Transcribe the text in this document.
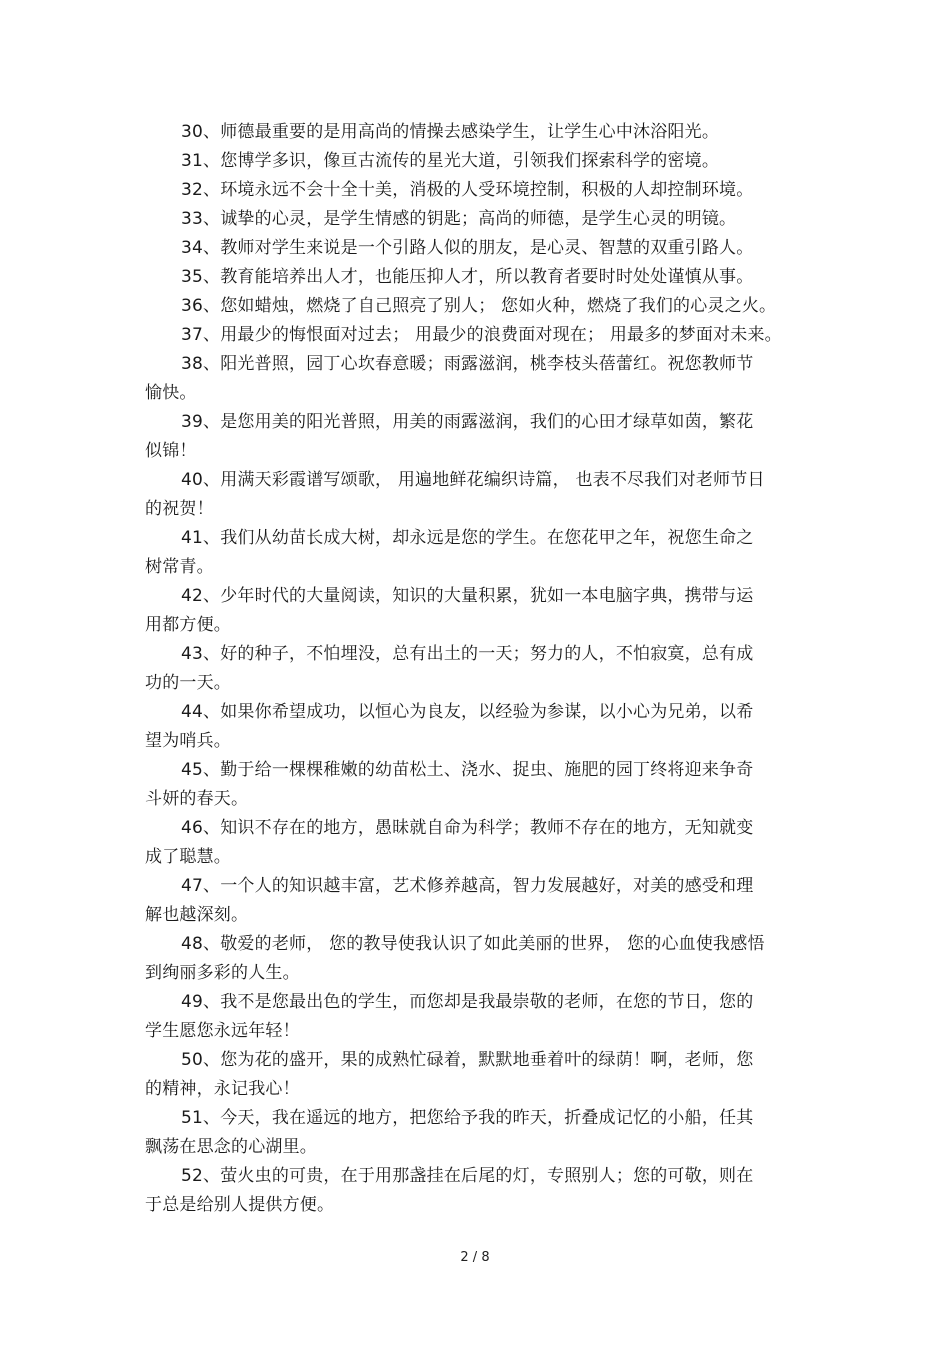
30、师德最重要的是用高尚的情操去感染学生，让学生心中沐浴阳光。
31、您博学多识，像亘古流传的星光大道，引领我们探索科学的密境。
32、环境永远不会十全十美，消极的人受环境控制，积极的人却控制环境。
33、诚挚的心灵，是学生情感的钥匙；高尚的师德，是学生心灵的明镜。
34、教师对学生来说是一个引路人似的朋友，是心灵、智慧的双重引路人。
35、教育能培养出人才，也能压抑人才，所以教育者要时时处处谨慎从事。
36、您如蜡烛，燃烧了自己照亮了别人； 您如火种，燃烧了我们的心灵之火。
37、用最少的悔恨面对过去； 用最少的浪费面对现在； 用最多的梦面对未来。
38、阳光普照，园丁心坎春意暖；雨露滋润，桃李枝头蓓蕾红。祝您教师节
愉快。
39、是您用美的阳光普照，用美的雨露滋润，我们的心田才绿草如茵，繁花
似锦！
40、用满天彩霞谱写颂歌， 用遍地鲜花编织诗篇， 也表不尽我们对老师节日
的祝贺！
41、我们从幼苗长成大树，却永远是您的学生。在您花甲之年，祝您生命之
树常青。
42、少年时代的大量阅读，知识的大量积累，犹如一本电脑字典，携带与运
用都方便。
43、好的种子，不怕埋没，总有出土的一天；努力的人，不怕寂寞，总有成
功的一天。
44、如果你希望成功，以恒心为良友，以经验为参谋，以小心为兄弟，以希
望为哨兵。
45、勤于给一棵棵稚嫩的幼苗松土、浇水、捉虫、施肥的园丁终将迎来争奇
斗妍的春天。
46、知识不存在的地方，愚昧就自命为科学；教师不存在的地方，无知就变
成了聪慧。
47、一个人的知识越丰富，艺术修养越高，智力发展越好，对美的感受和理
解也越深刻。
48、敬爱的老师， 您的教导使我认识了如此美丽的世界， 您的心血使我感悟
到绚丽多彩的人生。
49、我不是您最出色的学生，而您却是我最崇敬的老师，在您的节日，您的
学生愿您永远年轻！
50、您为花的盛开，果的成熟忙碌着，默默地垂着叶的绿荫！啊，老师，您
的精神，永记我心！
51、今天，我在遥远的地方，把您给予我的昨天，折叠成记忆的小船，任其
飘荡在思念的心湖里。
52、萤火虫的可贵，在于用那盏挂在后尾的灯，专照别人；您的可敬，则在
于总是给别人提供方便。
2 / 8
